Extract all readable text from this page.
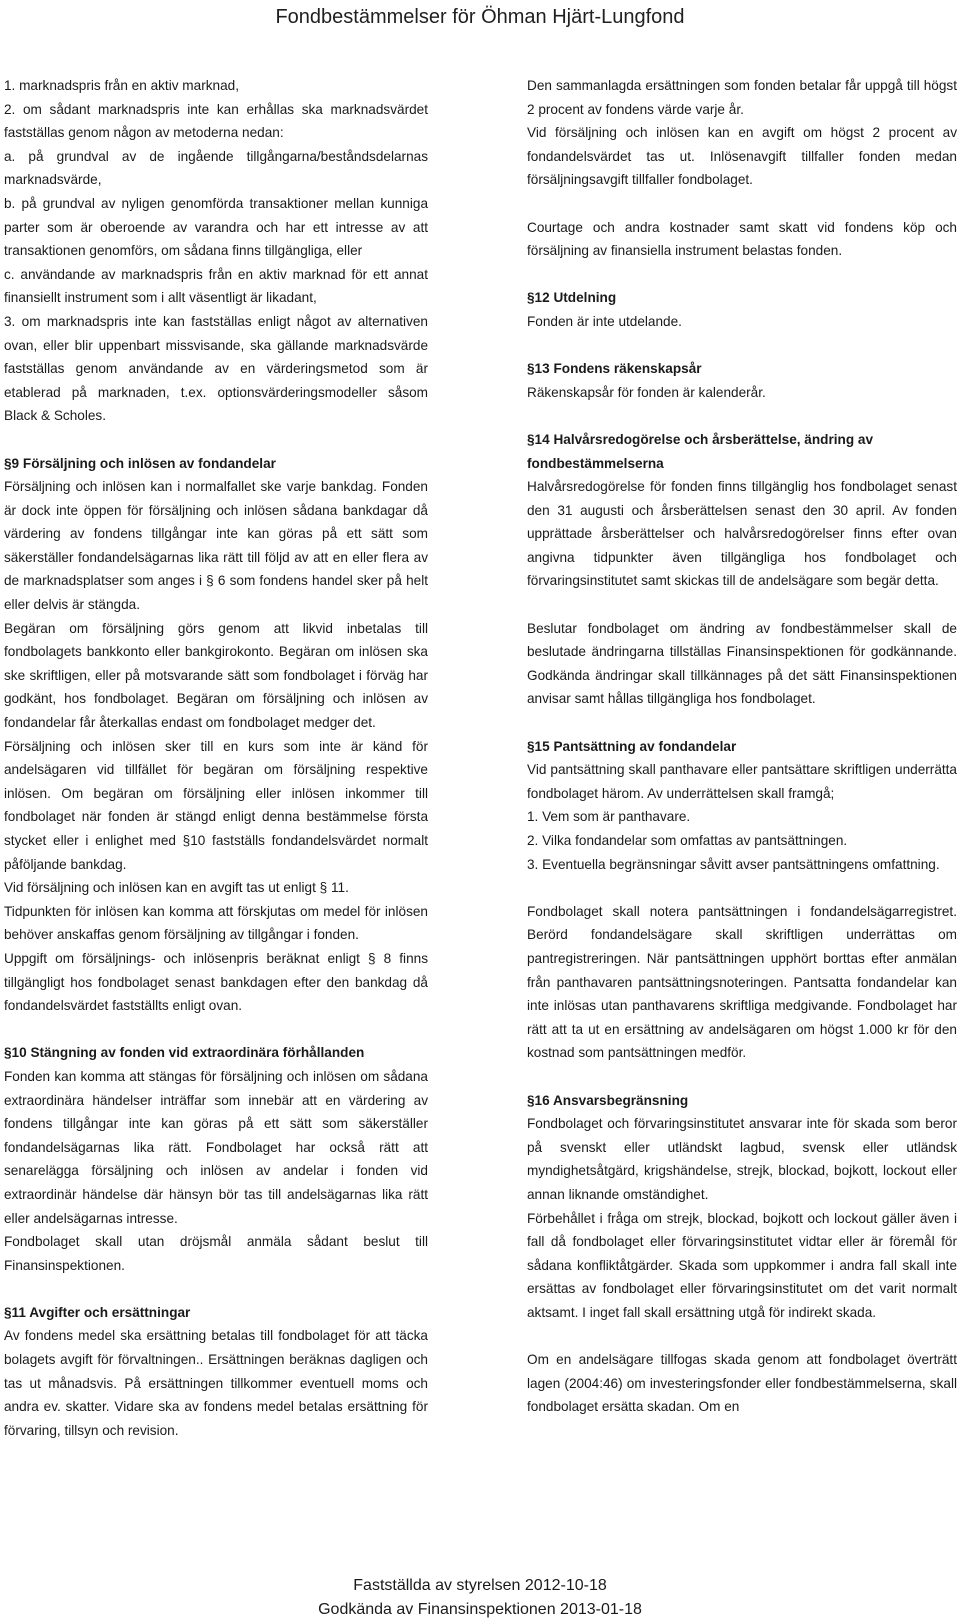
Fondbestämmelser för Öhman Hjärt-Lungfond

1. marknadspris från en aktiv marknad,

2. om sådant marknadspris inte kan erhållas ska marknadsvärdet fastställas genom någon av metoderna nedan:

a. på grundval av de ingående tillgångarna/beståndsdelarnas marknadsvärde,

b. på grundval av nyligen genomförda transaktioner mellan kunniga parter som är oberoende av varandra och har ett intresse av att transaktionen genomförs, om sådana finns tillgängliga, eller

c. användande av marknadspris från en aktiv marknad för ett annat finansiellt instrument som i allt väsentligt är likadant,

3. om marknadspris inte kan fastställas enligt något av alternativen ovan, eller blir uppenbart missvisande, ska gällande marknadsvärde fastställas genom användande av en värderingsmetod som är etablerad på marknaden, t.ex. optionsvärderingsmodeller såsom Black & Scholes.

§9 Försäljning och inlösen av fondandelar

Försäljning och inlösen kan i normalfallet ske varje bankdag. Fonden är dock inte öppen för försäljning och inlösen sådana bankdagar då värdering av fondens tillgångar inte kan göras på ett sätt som säkerställer fondandelsägarnas lika rätt till följd av att en eller flera av de marknadsplatser som anges i § 6 som fondens handel sker på helt eller delvis är stängda.

Begäran om försäljning görs genom att likvid inbetalas till fondbolagets bankkonto eller bankgirokonto. Begäran om inlösen ska ske skriftligen, eller på motsvarande sätt som fondbolaget i förväg har godkänt, hos fondbolaget. Begäran om försäljning och inlösen av fondandelar får återkallas endast om fondbolaget medger det.

Försäljning och inlösen sker till en kurs som inte är känd för andelsägaren vid tillfället för begäran om försäljning respektive inlösen. Om begäran om försäljning eller inlösen inkommer till fondbolaget när fonden är stängd enligt denna bestämmelse första stycket eller i enlighet med §10 fastställs fondandelsvärdet normalt påföljande bankdag.

Vid försäljning och inlösen kan en avgift tas ut enligt § 11.

Tidpunkten för inlösen kan komma att förskjutas om medel för inlösen behöver anskaffas genom försäljning av tillgångar i fonden.

Uppgift om försäljnings- och inlösenpris beräknat enligt § 8 finns tillgängligt hos fondbolaget senast bankdagen efter den bankdag då fondandelsvärdet fastställts enligt ovan.

§10 Stängning av fonden vid extraordinära förhållanden

Fonden kan komma att stängas för försäljning och inlösen om sådana extraordinära händelser inträffar som innebär att en värdering av fondens tillgångar inte kan göras på ett sätt som säkerställer fondandelsägarnas lika rätt. Fondbolaget har också rätt att senarelägga försäljning och inlösen av andelar i fonden vid extraordinär händelse där hänsyn bör tas till andelsägarnas lika rätt eller andelsägarnas intresse.

Fondbolaget skall utan dröjsmål anmäla sådant beslut till Finansinspektionen.

§11 Avgifter och ersättningar

Av fondens medel ska ersättning betalas till fondbolaget för att täcka bolagets avgift för förvaltningen.. Ersättningen beräknas dagligen och tas ut månadsvis. På ersättningen tillkommer eventuell moms och andra ev. skatter. Vidare ska av fondens medel betalas ersättning för förvaring, tillsyn och revision.

Den sammanlagda ersättningen som fonden betalar får uppgå till högst 2 procent av fondens värde varje år.

Vid försäljning och inlösen kan en avgift om högst 2 procent av fondandelsvärdet tas ut. Inlösenavgift tillfaller fonden medan försäljningsavgift tillfaller fondbolaget.

Courtage och andra kostnader samt skatt vid fondens köp och försäljning av finansiella instrument belastas fonden.

§12 Utdelning

Fonden är inte utdelande.

§13 Fondens räkenskapsår

Räkenskapsår för fonden är kalenderår.

§14 Halvårsredogörelse och årsberättelse, ändring av fondbestämmelserna

Halvårsredogörelse för fonden finns tillgänglig hos fondbolaget senast den 31 augusti och årsberättelsen senast den 30 april. Av fonden upprättade årsberättelser och halvårsredogörelser finns efter ovan angivna tidpunkter även tillgängliga hos fondbolaget och förvaringsinstitutet samt skickas till de andelsägare som begär detta.

Beslutar fondbolaget om ändring av fondbestämmelser skall de beslutade ändringarna tillställas Finansinspektionen för godkännande. Godkända ändringar skall tillkännages på det sätt Finansinspektionen anvisar samt hållas tillgängliga hos fondbolaget.

§15 Pantsättning av fondandelar

Vid pantsättning skall panthavare eller pantsättare skriftligen underrätta fondbolaget härom. Av underrättelsen skall framgå;

1. Vem som är panthavare.

2. Vilka fondandelar som omfattas av pantsättningen.

3. Eventuella begränsningar såvitt avser pantsättningens omfattning.

Fondbolaget skall notera pantsättningen i fondandelsägarregistret. Berörd fondandelsägare skall skriftligen underrättas om pantregistreringen. När pantsättningen upphört borttas efter anmälan från panthavaren pantsättningsnoteringen. Pantsatta fondandelar kan inte inlösas utan panthavarens skriftliga medgivande. Fondbolaget har rätt att ta ut en ersättning av andelsägaren om högst 1.000 kr för den kostnad som pantsättningen medför.

§16 Ansvarsbegränsning

Fondbolaget och förvaringsinstitutet ansvarar inte för skada som beror på svenskt eller utländskt lagbud, svensk eller utländsk myndighetsåtgärd, krigshändelse, strejk, blockad, bojkott, lockout eller annan liknande omständighet.

Förbehållet i fråga om strejk, blockad, bojkott och lockout gäller även i fall då fondbolaget eller förvaringsinstitutet vidtar eller är föremål för sådana konfliktåtgärder. Skada som uppkommer i andra fall skall inte ersättas av fondbolaget eller förvaringsinstitutet om det varit normalt aktsamt. I inget fall skall ersättning utgå för indirekt skada.

Om en andelsägare tillfogas skada genom att fondbolaget överträtt lagen (2004:46) om investeringsfonder eller fondbestämmelserna, skall fondbolaget ersätta skadan. Om en

Fastställda av styrelsen 2012-10-18
Godkända av Finansinspektionen 2013-01-18
